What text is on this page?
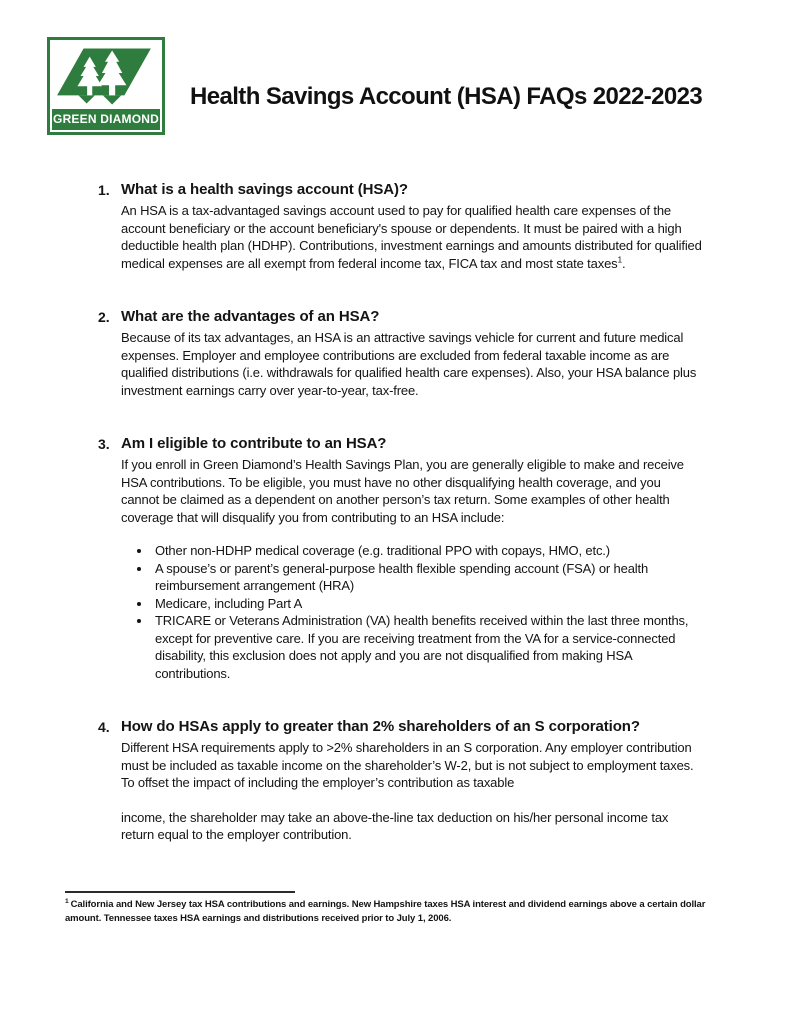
GREEN DIAMOND
Health Savings Account (HSA) FAQs 2022-2023
1. What is a health savings account (HSA)?

An HSA is a tax-advantaged savings account used to pay for qualified health care expenses of the account beneficiary or the account beneficiary's spouse or dependents. It must be paired with a high deductible health plan (HDHP). Contributions, investment earnings and amounts distributed for qualified medical expenses are all exempt from federal income tax, FICA tax and most state taxes$^1$.

2. What are the advantages of an HSA?

Because of its tax advantages, an HSA is an attractive savings vehicle for current and future medical expenses. Employer and employee contributions are excluded from federal taxable income as are qualified distributions (i.e. withdrawals for qualified health care expenses). Also, your HSA balance plus investment earnings carry over year-to-year, tax-free.

3. Am I eligible to contribute to an HSA?

If you enroll in Green Diamond’s Health Savings Plan, you are generally eligible to make and receive HSA contributions. To be eligible, you must have no other disqualifying health coverage, and you cannot be claimed as a dependent on another person’s tax return. Some examples of other health coverage that will disqualify you from contributing to an HSA include:

• Other non-HDHP medical coverage (e.g. traditional PPO with copays, HMO, etc.)
• A spouse’s or parent’s general-purpose health flexible spending account (FSA) or health reimbursement arrangement (HRA)
• Medicare, including Part A
• TRICARE or Veterans Administration (VA) health benefits received within the last three months, except for preventive care. If you are receiving treatment from the VA for a service-connected disability, this exclusion does not apply and you are not disqualified from making HSA contributions.
4. How do HSAs apply to greater than 2% shareholders of an S corporation?

Different HSA requirements apply to >2% shareholders in an S corporation. Any employer contribution must be included as taxable income on the shareholder’s W-2, but is not subject to employment taxes. To offset the impact of including the employer’s contribution as taxable

income, the shareholder may take an above-the-line tax deduction on his/her personal income tax return equal to the employer contribution.

$^1$ California and New Jersey tax HSA contributions and earnings. New Hampshire taxes HSA interest and dividend earnings above a certain dollar amount. Tennessee taxes HSA earnings and distributions received prior to July 1, 2006.
